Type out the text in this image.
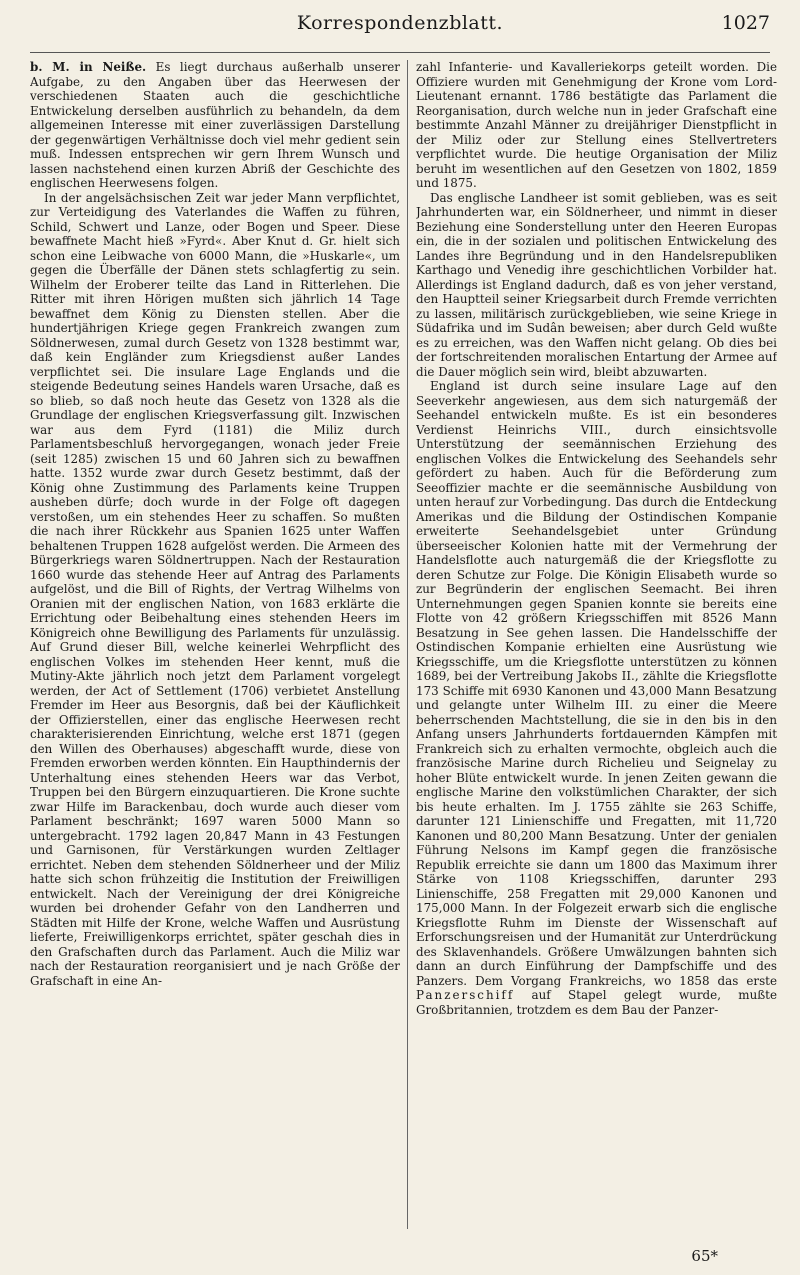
Korrespondenzblatt.	1027

b. M. in Neiße. Es liegt durchaus außerhalb unserer Aufgabe, zu den Angaben über das Heerwesen der verschiedenen Staaten auch die geschichtliche Entwickelung derselben ausführlich zu behandeln, da dem allgemeinen Interesse mit einer zuverlässigen Darstellung der gegenwärtigen Verhältnisse doch viel mehr gedient sein muß. Indessen entsprechen wir gern Ihrem Wunsch und lassen nachstehend einen kurzen Abriß der Geschichte des englischen Heerwesens folgen.

In der angelsächsischen Zeit war jeder Mann verpflichtet, zur Verteidigung des Vaterlandes die Waffen zu führen, Schild, Schwert und Lanze, oder Bogen und Speer. Diese bewaffnete Macht hieß »Fyrd«. Aber Knut d. Gr. hielt sich schon eine Leibwache von 6000 Mann, die »Huskarle«, um gegen die Überfälle der Dänen stets schlagfertig zu sein. Wilhelm der Eroberer teilte das Land in Ritterlehen. Die Ritter mit ihren Hörigen mußten sich jährlich 14 Tage bewaffnet dem König zu Diensten stellen. Aber die hundertjährigen Kriege gegen Frankreich zwangen zum Söldnerwesen, zumal durch Gesetz von 1328 bestimmt war, daß kein Engländer zum Kriegsdienst außer Landes verpflichtet sei. Die insulare Lage Englands und die steigende Bedeutung seines Handels waren Ursache, daß es so blieb, so daß noch heute das Gesetz von 1328 als die Grundlage der englischen Kriegsverfassung gilt. Inzwischen war aus dem Fyrd (1181) die Miliz durch Parlamentsbeschluß hervorgegangen, wonach jeder Freie (seit 1285) zwischen 15 und 60 Jahren sich zu bewaffnen hatte. 1352 wurde zwar durch Gesetz bestimmt, daß der König ohne Zustimmung des Parlaments keine Truppen ausheben dürfe; doch wurde in der Folge oft dagegen verstoßen, um ein stehendes Heer zu schaffen. So mußten die nach ihrer Rückkehr aus Spanien 1625 unter Waffen behaltenen Truppen 1628 aufgelöst werden. Die Armeen des Bürgerkriegs waren Söldnertruppen. Nach der Restauration 1660 wurde das stehende Heer auf Antrag des Parlaments aufgelöst, und die Bill of Rights, der Vertrag Wilhelms von Oranien mit der englischen Nation, von 1683 erklärte die Errichtung oder Beibehaltung eines stehenden Heers im Königreich ohne Bewilligung des Parlaments für unzulässig. Auf Grund dieser Bill, welche keinerlei Wehrpflicht des englischen Volkes im stehenden Heer kennt, muß die Mutiny-Akte jährlich noch jetzt dem Parlament vorgelegt werden, der Act of Settlement (1706) verbietet Anstellung Fremder im Heer aus Besorgnis, daß bei der Käuflichkeit der Offizierstellen, einer das englische Heerwesen recht charakterisierenden Einrichtung, welche erst 1871 (gegen den Willen des Oberhauses) abgeschafft wurde, diese von Fremden erworben werden könnten. Ein Haupthindernis der Unterhaltung eines stehenden Heers war das Verbot, Truppen bei den Bürgern einzuquartieren. Die Krone suchte zwar Hilfe im Barackenbau, doch wurde auch dieser vom Parlament beschränkt; 1697 waren 5000 Mann so untergebracht. 1792 lagen 20,847 Mann in 43 Festungen und Garnisonen, für Verstärkungen wurden Zeltlager errichtet. Neben dem stehenden Söldnerheer und der Miliz hatte sich schon frühzeitig die Institution der Freiwilligen entwickelt. Nach der Vereinigung der drei Königreiche wurden bei drohender Gefahr von den Landherren und Städten mit Hilfe der Krone, welche Waffen und Ausrüstung lieferte, Freiwilligenkorps errichtet, später geschah dies in den Grafschaften durch das Parlament. Auch die Miliz war nach der Restauration reorganisiert und je nach Größe der Grafschaft in eine An-

zahl Infanterie- und Kavalleriekorps geteilt worden. Die Offiziere wurden mit Genehmigung der Krone vom Lord-Lieutenant ernannt. 1786 bestätigte das Parlament die Reorganisation, durch welche nun in jeder Grafschaft eine bestimmte Anzahl Männer zu dreijähriger Dienstpflicht in der Miliz oder zur Stellung eines Stellvertreters verpflichtet wurde. Die heutige Organisation der Miliz beruht im wesentlichen auf den Gesetzen von 1802, 1859 und 1875.

Das englische Landheer ist somit geblieben, was es seit Jahrhunderten war, ein Söldnerheer, und nimmt in dieser Beziehung eine Sonderstellung unter den Heeren Europas ein, die in der sozialen und politischen Entwickelung des Landes ihre Begründung und in den Handelsrepubliken Karthago und Venedig ihre geschichtlichen Vorbilder hat. Allerdings ist England dadurch, daß es von jeher verstand, den Hauptteil seiner Kriegsarbeit durch Fremde verrichten zu lassen, militärisch zurückgeblieben, wie seine Kriege in Südafrika und im Sudân beweisen; aber durch Geld wußte es zu erreichen, was den Waffen nicht gelang. Ob dies bei der fortschreitenden moralischen Entartung der Armee auf die Dauer möglich sein wird, bleibt abzuwarten.

England ist durch seine insulare Lage auf den Seeverkehr angewiesen, aus dem sich naturgemäß der Seehandel entwickeln mußte. Es ist ein besonderes Verdienst Heinrichs VIII., durch einsichtsvolle Unterstützung der seemännischen Erziehung des englischen Volkes die Entwickelung des Seehandels sehr gefördert zu haben. Auch für die Beförderung zum Seeoffizier machte er die seemännische Ausbildung von unten herauf zur Vorbedingung. Das durch die Entdeckung Amerikas und die Bildung der Ostindischen Kompanie erweiterte Seehandelsgebiet unter Gründung überseeischer Kolonien hatte mit der Vermehrung der Handelsflotte auch naturgemäß die der Kriegsflotte zu deren Schutze zur Folge. Die Königin Elisabeth wurde so zur Begründerin der englischen Seemacht. Bei ihren Unternehmungen gegen Spanien konnte sie bereits eine Flotte von 42 größern Kriegsschiffen mit 8526 Mann Besatzung in See gehen lassen. Die Handelsschiffe der Ostindischen Kompanie erhielten eine Ausrüstung wie Kriegsschiffe, um die Kriegsflotte unterstützen zu können 1689, bei der Vertreibung Jakobs II., zählte die Kriegsflotte 173 Schiffe mit 6930 Kanonen und 43,000 Mann Besatzung und gelangte unter Wilhelm III. zu einer die Meere beherrschenden Machtstellung, die sie in den bis in den Anfang unsers Jahrhunderts fortdauernden Kämpfen mit Frankreich sich zu erhalten vermochte, obgleich auch die französische Marine durch Richelieu und Seignelay zu hoher Blüte entwickelt wurde. In jenen Zeiten gewann die englische Marine den volkstümlichen Charakter, der sich bis heute erhalten. Im J. 1755 zählte sie 263 Schiffe, darunter 121 Linienschiffe und Fregatten, mit 11,720 Kanonen und 80,200 Mann Besatzung. Unter der genialen Führung Nelsons im Kampf gegen die französische Republik erreichte sie dann um 1800 das Maximum ihrer Stärke von 1108 Kriegsschiffen, darunter 293 Linienschiffe, 258 Fregatten mit 29,000 Kanonen und 175,000 Mann. In der Folgezeit erwarb sich die englische Kriegsflotte Ruhm im Dienste der Wissenschaft auf Erforschungsreisen und der Humanität zur Unterdrückung des Sklavenhandels. Größere Umwälzungen bahnten sich dann an durch Einführung der Dampfschiffe und des Panzers. Dem Vorgang Frankreichs, wo 1858 das erste Panzerschiff auf Stapel gelegt wurde, mußte Großbritannien, trotzdem es dem Bau der Panzer-

65*
